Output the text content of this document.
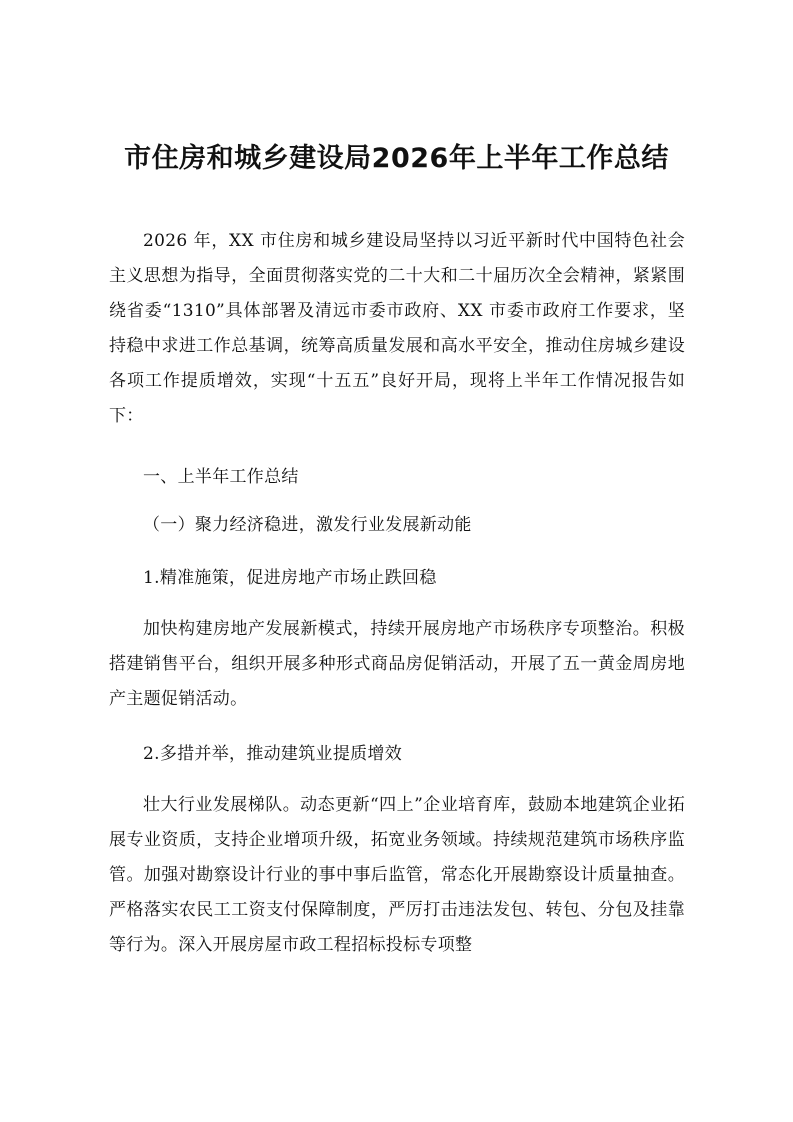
市住房和城乡建设局2026年上半年工作总结
2026 年，XX 市住房和城乡建设局坚持以习近平新时代中国特色社会主义思想为指导，全面贯彻落实党的二十大和二十届历次全会精神，紧紧围绕省委“1310”具体部署及清远市委市政府、XX 市委市政府工作要求，坚持稳中求进工作总基调，统筹高质量发展和高水平安全，推动住房城乡建设各项工作提质增效，实现“十五五”良好开局，现将上半年工作情况报告如下：
一、上半年工作总结
（一）聚力经济稳进，激发行业发展新动能
1.精准施策，促进房地产市场止跌回稳
加快构建房地产发展新模式，持续开展房地产市场秩序专项整治。积极搭建销售平台，组织开展多种形式商品房促销活动，开展了五一黄金周房地产主题促销活动。
2.多措并举，推动建筑业提质增效
壮大行业发展梯队。动态更新“四上”企业培育库，鼓励本地建筑企业拓展专业资质，支持企业增项升级，拓宽业务领域。持续规范建筑市场秩序监管。加强对勘察设计行业的事中事后监管，常态化开展勘察设计质量抽查。严格落实农民工工资支付保障制度，严厉打击违法发包、转包、分包及挂靠等行为。深入开展房屋市政工程招标投标专项整
